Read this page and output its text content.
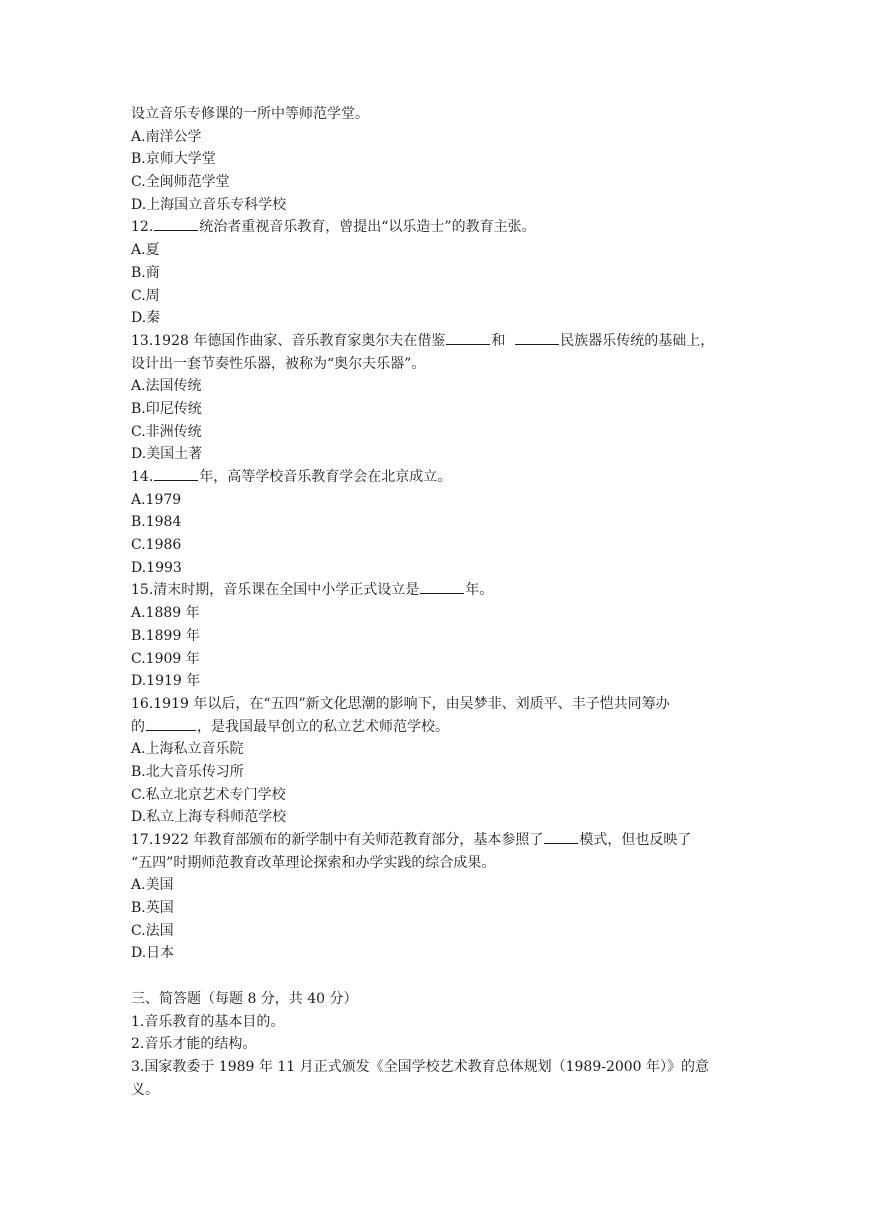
设立音乐专修课的一所中等师范学堂。

A.南洋公学

B.京师大学堂

C.全闽师范学堂

D.上海国立音乐专科学校

12.	统治者重视音乐教育，曾提出“以乐造士”的教育主张。

A.夏

B.商

C.周

D.秦

13.1928 年德国作曲家、音乐教育家奥尔夫在借鉴	和	民族器乐传统的基础上，

设计出一套节奏性乐器，被称为“奥尔夫乐器”。

A.法国传统

B.印尼传统

C.非洲传统

D.美国土著

14.	年，高等学校音乐教育学会在北京成立。

A.1979

B.1984

C.1986

D.1993

15.清末时期，音乐课在全国中小学正式设立是	年。

A.1889 年

B.1899 年

C.1909 年

D.1919 年

16.1919 年以后，在“五四”新文化思潮的影响下，由吴梦非、刘质平、丰子恺共同筹办

的	，是我国最早创立的私立艺术师范学校。

A.上海私立音乐院

B.北大音乐传习所

C.私立北京艺术专门学校

D.私立上海专科师范学校

17.1922 年教育部颁布的新学制中有关师范教育部分，基本参照了	模式，但也反映了

“五四”时期师范教育改革理论探索和办学实践的综合成果。

A.美国

B.英国

C.法国

D.日本

三、简答题（每题 8 分，共 40 分）

1.音乐教育的基本目的。

2.音乐才能的结构。

3.国家教委于 1989 年 11 月正式颁发《全国学校艺术教育总体规划（1989-2000 年）》的意

义。
